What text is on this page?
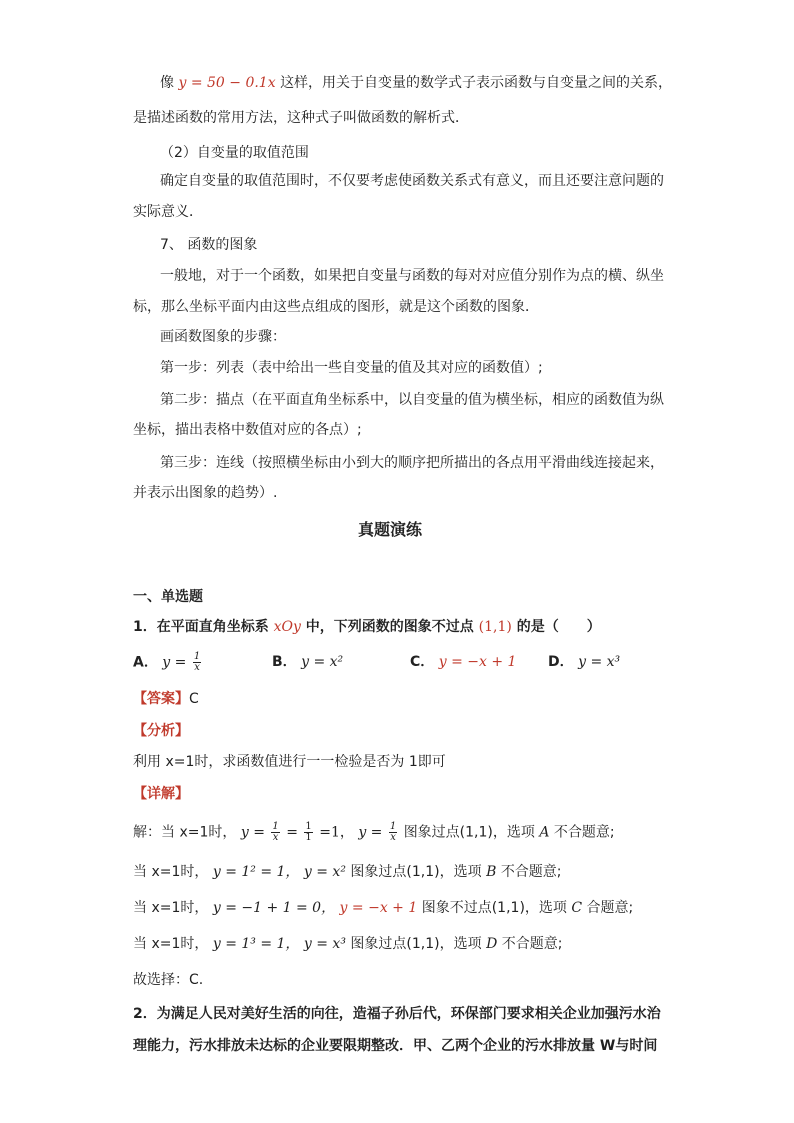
像 y = 50 − 0.1x 这样，用关于自变量的数学式子表示函数与自变量之间的关系，
是描述函数的常用方法，这种式子叫做函数的解析式．
（2）自变量的取值范围
确定自变量的取值范围时，不仅要考虑使函数关系式有意义，而且还要注意问题的
实际意义．
7、 函数的图象
一般地，对于一个函数，如果把自变量与函数的每对对应值分别作为点的横、纵坐
标，那么坐标平面内由这些点组成的图形，就是这个函数的图象．
画函数图象的步骤：
第一步：列表（表中给出一些自变量的值及其对应的函数值）;
第二步：描点（在平面直角坐标系中，以自变量的值为横坐标，相应的函数值为纵
坐标，描出表格中数值对应的各点）;
第三步：连线（按照横坐标由小到大的顺序把所描出的各点用平滑曲线连接起来，
并表示出图象的趋势）.
真题演练
一、单选题
1．在平面直角坐标系 xOy 中，下列函数的图象不过点 (1,1) 的是（　　）
A． $y = \frac{1}{x}$	B． y = x²	C． y = −x + 1 D． y = x³
【答案】C
【分析】
利用 x=1时，求函数值进行一一检验是否为 1即可
【详解】
解：当 x=1时， $y = \frac{1}{x} = \frac{1}{1} =1$， $y = \frac{1}{x}$ 图象过点(1,1)，选项 A 不合题意;
当 x=1时， y = 1² = 1， y = x² 图象过点(1,1)，选项 B 不合题意;
当 x=1时， y = −1 + 1 = 0， y = −x + 1 图象不过点(1,1)，选项 C 合题意;
当 x=1时， y = 1³ = 1， y = x³ 图象过点(1,1)，选项 D 不合题意;
故选择：C.
2．为满足人民对美好生活的向往，造福子孙后代，环保部门要求相关企业加强污水治
理能力，污水排放未达标的企业要限期整改．甲、乙两个企业的污水排放量 W与时间
